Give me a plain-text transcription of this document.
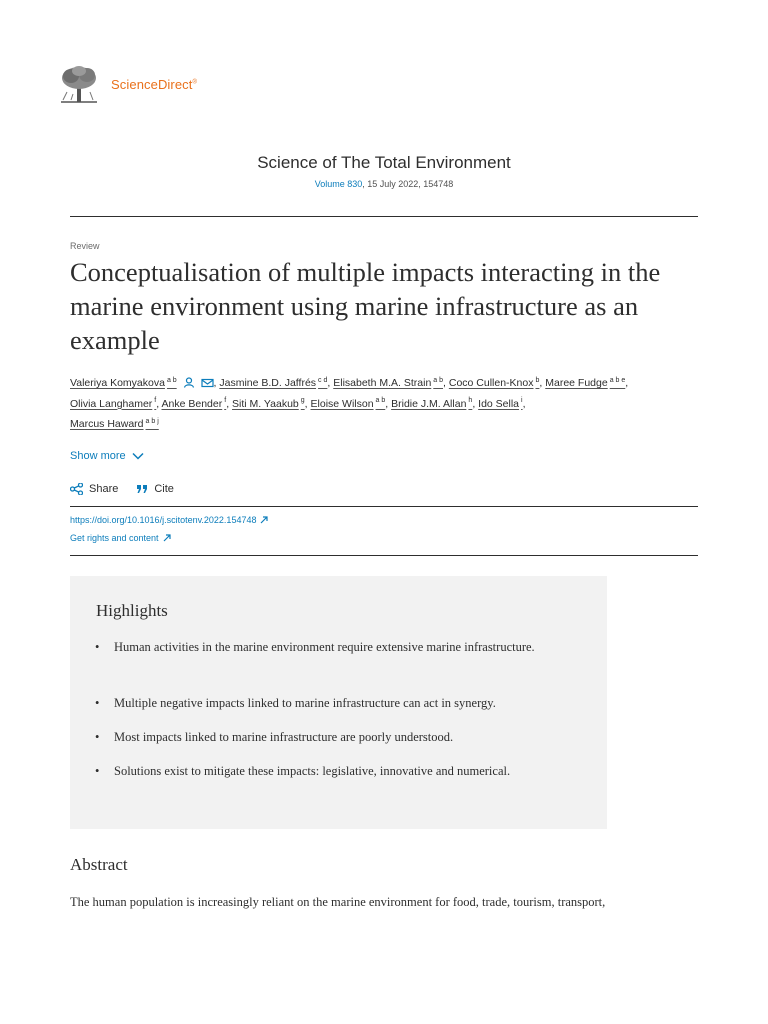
ScienceDirect®
Science of The Total Environment
Volume 830, 15 July 2022, 154748
Review
Conceptualisation of multiple impacts interacting in the marine environment using marine infrastructure as an example
Valeriya Komyakova $^{a b}$	, Jasmine B.D. Jaffrés $^{c d}$, Elisabeth M.A. Strain $^{a b}$, Coco Cullen-Knox $^b$, Maree Fudge $^{a b e}$,
Olivia Langhamer $^f$, Anke Bender $^f$, Siti M. Yaakub $^g$, Eloise Wilson $^{a b}$, Bridie J.M. Allan $^h$, Ido Sella $^i$,
Marcus Haward $^{a b j}$
Show more
Share	Cite
https://doi.org/10.1016/j.scitotenv.2022.154748
Get rights and content
Highlights
• Human activities in the marine environment require extensive marine infrastructure.
• Multiple negative impacts linked to marine infrastructure can act in synergy.
• Most impacts linked to marine infrastructure are poorly understood.
• Solutions exist to mitigate these impacts: legislative, innovative and numerical.
Abstract
The human population is increasingly reliant on the marine environment for food, trade, tourism, transport,
